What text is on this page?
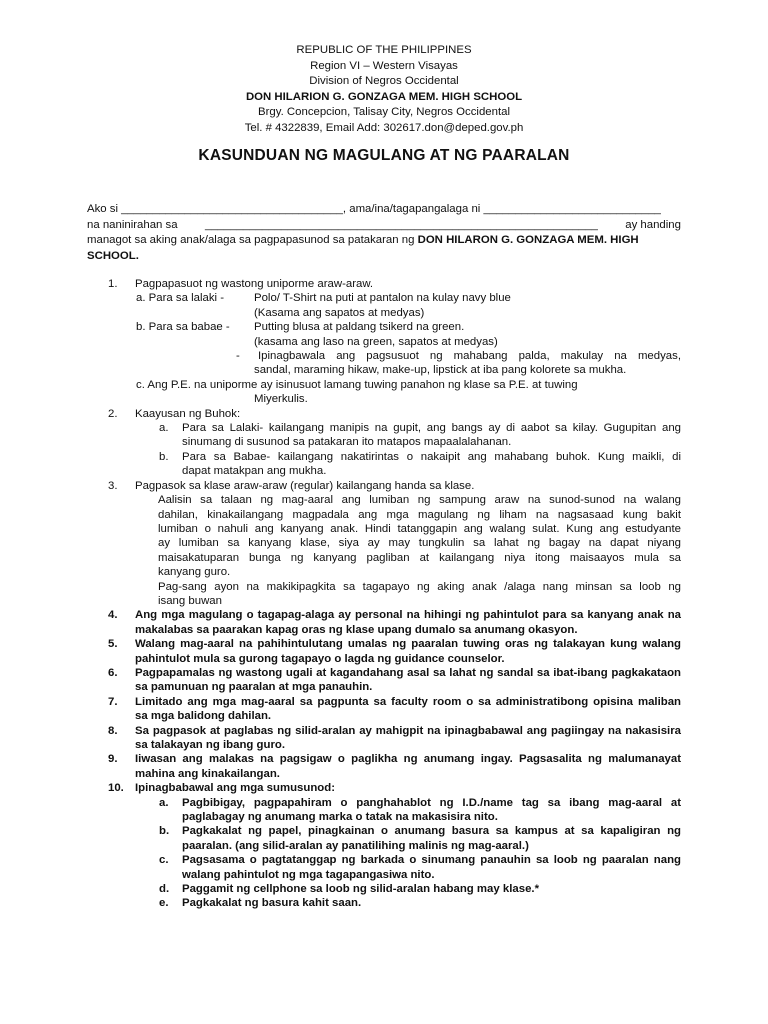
REPUBLIC OF THE PHILIPPINES
Region VI – Western Visayas
Division of Negros Occidental
DON HILARION G. GONZAGA MEM. HIGH SCHOOL
Brgy. Concepcion, Talisay City, Negros Occidental
Tel. # 4322839, Email Add: 302617.don@deped.gov.ph
KASUNDUAN NG MAGULANG AT NG PAARALAN
Ako si ___________________________________, ama/ina/tagapangalaga ni ____________________________
na naninirahan sa ______________________________________________________________ ay handing
managot sa aking anak/alaga sa pagpapasunod sa patakaran ng DON HILARON G. GONZAGA MEM. HIGH
SCHOOL.
1. Pagpapasuot ng wastong uniporme araw-araw.
a. Para sa lalaki -	Polo/ T-Shirt na puti at pantalon na kulay navy blue
(Kasama ang sapatos at medyas)
b. Para sa babae -	Putting blusa at paldang tsikerd na green.
(kasama ang laso na green, sapatos at medyas)
-	Ipinagbawala ang pagsusuot ng mahabang palda, makulay na medyas,
sandal, maraming hikaw, make-up, lipstick at iba pang kolorete sa mukha.
c. Ang P.E. na uniporme ay isinusuot lamang tuwing panahon ng klase sa P.E. at tuwing
Miyerkulis.
2. Kaayusan ng Buhok:
a. Para sa Lalaki- kailangang manipis na gupit, ang bangs ay di aabot sa kilay. Gugupitan ang
sinumang di susunod sa patakaran ito matapos mapaalalahanan.
b. Para sa Babae- kailangang nakatirintas o nakaipit ang mahabang buhok. Kung maikli, di
dapat matakpan ang mukha.
3. Pagpasok sa klase araw-araw (regular) kailangang handa sa klase.
Aalisin sa talaan ng mag-aaral ang lumiban ng sampung araw na sunod-sunod na walang
dahilan, kinakailangang magpadala ang mga magulang ng liham na nagsasaad kung bakit
lumiban o nahuli ang kanyang anak. Hindi tatanggapin ang walang sulat. Kung ang estudyante
ay lumiban sa kanyang klase, siya ay may tungkulin sa lahat ng bagay na dapat niyang
maisakatuparan bunga ng kanyang pagliban at kailangang niya itong maisaayos mula sa
kanyang guro.
Pag-sang ayon na makikipagkita sa tagapayo ng aking anak /alaga nang minsan sa loob ng
isang buwan
4. Ang mga magulang o tagapag-alaga ay personal na hihingi ng pahintulot para sa kanyang anak na
makalabas sa paarakan kapag oras ng klase upang dumalo sa anumang okasyon.
5. Walang mag-aaral na pahihintulutang umalas ng paaralan tuwing oras ng talakayan kung walang
pahintulot mula sa gurong tagapayo o lagda ng guidance counselor.
6. Pagpapamalas ng wastong ugali at kagandahang asal sa lahat ng sandal sa ibat-ibang pagkakataon
sa pamunuan ng paaralan at mga panauhin.
7. Limitado ang mga mag-aaral sa pagpunta sa faculty room o sa administratibong opisina maliban
sa mga balidong dahilan.
8. Sa pagpasok at paglabas ng silid-aralan ay mahigpit na ipinagbabawal ang pagiingay na nakasisira
sa talakayan ng ibang guro.
9. Iiwasan ang malakas na pagsigaw o paglikha ng anumang ingay. Pagsasalita ng malumanayat
mahina ang kinakailangan.
10. Ipinagbabawal ang mga sumusunod:
a. Pagbibigay, pagpapahiram o panghahablot ng I.D./name tag sa ibang mag-aaral at
paglabagay ng anumang marka o tatak na makasisira nito.
b. Pagkakalat ng papel, pinagkainan o anumang basura sa kampus at sa kapaligiran ng
paaralan. (ang silid-aralan ay panatilihing malinis ng mag-aaral.)
c. Pagsasama o pagtatanggap ng barkada o sinumang panauhin sa loob ng paaralan nang
walang pahintulot ng mga tagapangasiwa nito.
d. Paggamit ng cellphone sa loob ng silid-aralan habang may klase.*
e. Pagkakalat ng basura kahit saan.
